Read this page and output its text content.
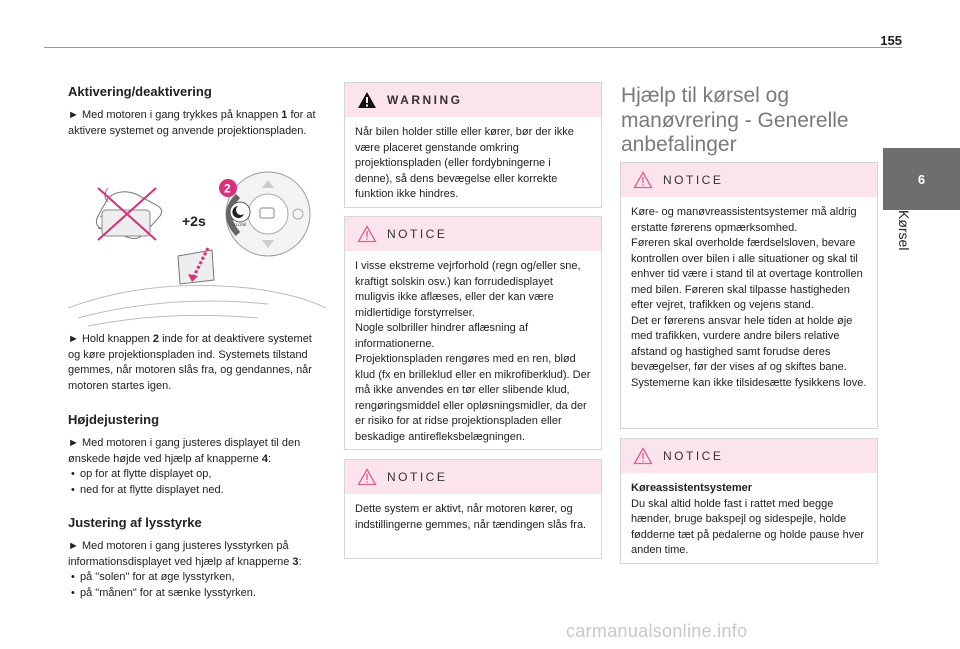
155
6
Kørsel
Aktivering/deaktivering

► Med motoren i gang trykkes på knappen 1 for at aktivere systemet og anvende projektionspladen.

+2s	CLOSE
2

► Hold knappen 2 inde for at deaktivere systemet og køre projektionspladen ind. Systemets tilstand gemmes, når motoren slås fra, og gendannes, når motoren startes igen.

Højdejustering

► Med motoren i gang justeres displayet til den ønskede højde ved hjælp af knapperne 4:

• op for at flytte displayet op,
• ned for at flytte displayet ned.
Justering af lysstyrke

► Med motoren i gang justeres lysstyrken på informationsdisplayet ved hjælp af knapperne 3:

• på "solen" for at øge lysstyrken,
• på "månen" for at sænke lysstyrken.
WARNING
Når bilen holder stille eller kører, bør der ikke være placeret genstande omkring projektionspladen (eller fordybningerne i denne), så dens bevægelse eller korrekte funktion ikke hindres.
NOTICE
I visse ekstreme vejrforhold (regn og/eller sne, kraftigt solskin osv.) kan forrudedisplayet muligvis ikke aflæses, eller der kan være midlertidige forstyrrelser.
Nogle solbriller hindrer aflæsning af informationerne.
Projektionspladen rengøres med en ren, blød klud (fx en brilleklud eller en mikrofiberklud). Der må ikke anvendes en tør eller slibende klud, rengøringsmiddel eller opløsningsmidler, da der er risiko for at ridse projektionspladen eller beskadige antirefleksbelægningen.
NOTICE
Dette system er aktivt, når motoren kører, og indstillingerne gemmes, når tændingen slås fra.
Hjælp til kørsel og manøvrering - Generelle anbefalinger
NOTICE
Køre- og manøvreassistentsystemer må aldrig erstatte førerens opmærksomhed.
Føreren skal overholde færdselsloven, bevare kontrollen over bilen i alle situationer og skal til enhver tid være i stand til at overtage kontrollen med bilen. Føreren skal tilpasse hastigheden efter vejret, trafikken og vejens stand.
Det er førerens ansvar hele tiden at holde øje med trafikken, vurdere andre bilers relative afstand og hastighed samt forudse deres bevægelser, før der vises af og skiftes bane. Systemerne kan ikke tilsidesætte fysikkens love.
NOTICE
Køreassistentsystemer
Du skal altid holde fast i rattet med begge hænder, bruge bakspejl og sidespejle, holde fødderne tæt på pedalerne og holde pause hver anden time.
carmanualsonline.info
